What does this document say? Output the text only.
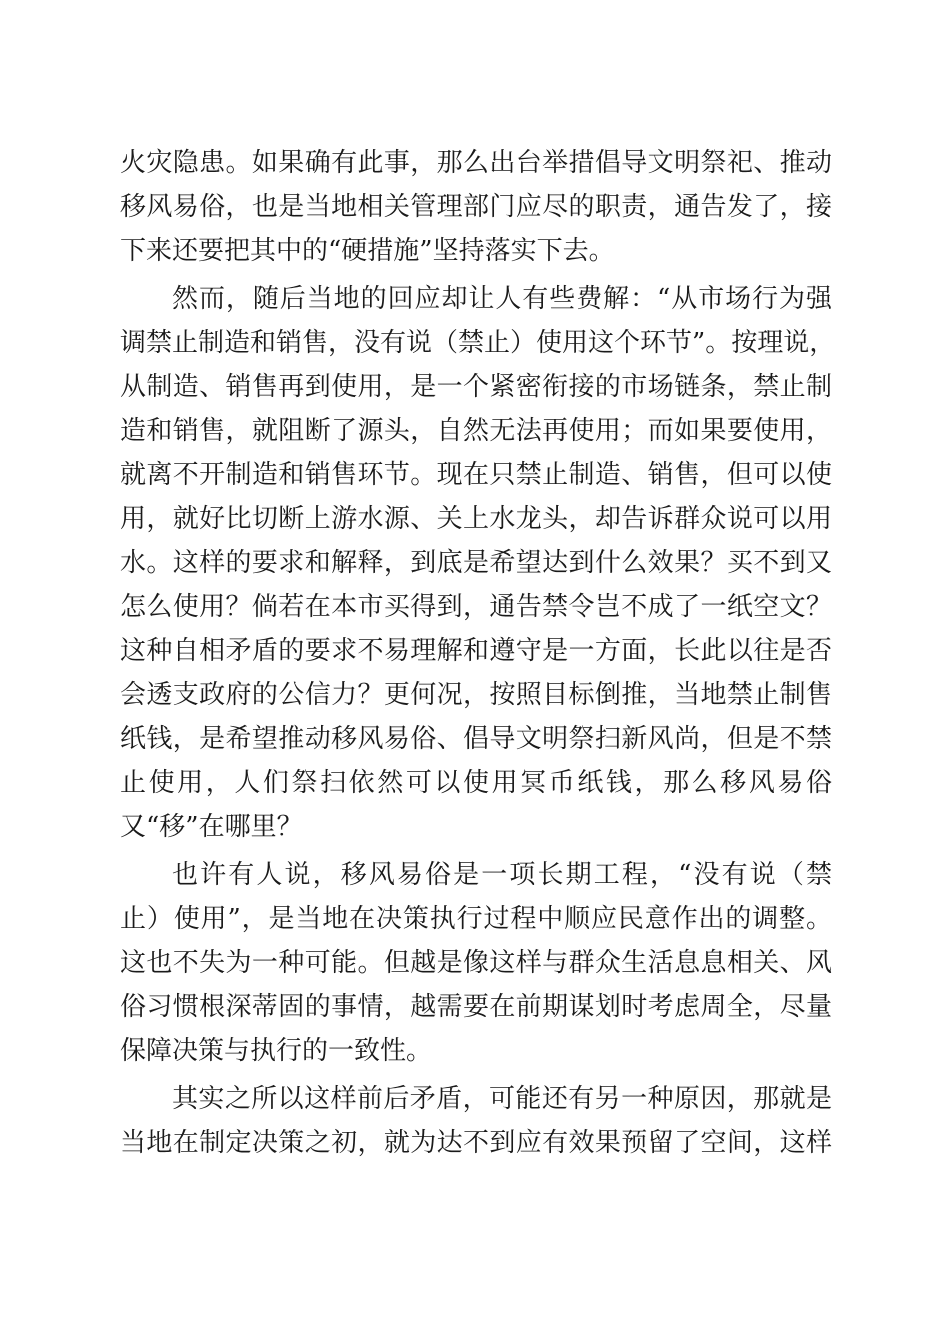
火灾隐患。如果确有此事，那么出台举措倡导文明祭祀、推动
移风易俗，也是当地相关管理部门应尽的职责，通告发了，接
下来还要把其中的“硬措施”坚持落实下去。
然而，随后当地的回应却让人有些费解：“从市场行为强
调禁止制造和销售，没有说（禁止）使用这个环节”。按理说，
从制造、销售再到使用，是一个紧密衔接的市场链条，禁止制
造和销售，就阻断了源头，自然无法再使用；而如果要使用，
就离不开制造和销售环节。现在只禁止制造、销售，但可以使
用，就好比切断上游水源、关上水龙头，却告诉群众说可以用
水。这样的要求和解释，到底是希望达到什么效果？买不到又
怎么使用？倘若在本市买得到，通告禁令岂不成了一纸空文？
这种自相矛盾的要求不易理解和遵守是一方面，长此以往是否
会透支政府的公信力？更何况，按照目标倒推，当地禁止制售
纸钱，是希望推动移风易俗、倡导文明祭扫新风尚，但是不禁
止使用，人们祭扫依然可以使用冥币纸钱，那么移风易俗
又“移”在哪里？
也许有人说，移风易俗是一项长期工程，“没有说（禁
止）使用”，是当地在决策执行过程中顺应民意作出的调整。
这也不失为一种可能。但越是像这样与群众生活息息相关、风
俗习惯根深蒂固的事情，越需要在前期谋划时考虑周全，尽量
保障决策与执行的一致性。
其实之所以这样前后矛盾，可能还有另一种原因，那就是
当地在制定决策之初，就为达不到应有效果预留了空间，这样
